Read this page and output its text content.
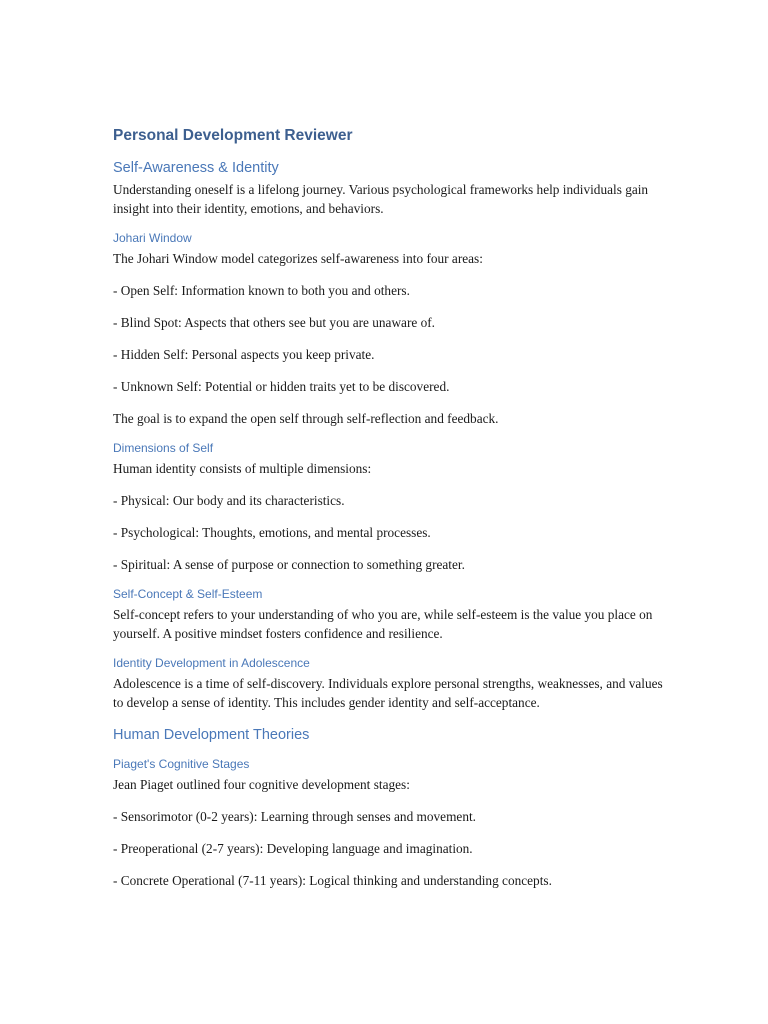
Personal Development Reviewer
Self-Awareness & Identity

Understanding oneself is a lifelong journey. Various psychological frameworks help individuals gain insight into their identity, emotions, and behaviors.

Johari Window

The Johari Window model categorizes self-awareness into four areas:

- Open Self: Information known to both you and others.

- Blind Spot: Aspects that others see but you are unaware of.

- Hidden Self: Personal aspects you keep private.

- Unknown Self: Potential or hidden traits yet to be discovered.

The goal is to expand the open self through self-reflection and feedback.

Dimensions of Self

Human identity consists of multiple dimensions:

- Physical: Our body and its characteristics.

- Psychological: Thoughts, emotions, and mental processes.

- Spiritual: A sense of purpose or connection to something greater.

Self-Concept & Self-Esteem

Self-concept refers to your understanding of who you are, while self-esteem is the value you place on yourself. A positive mindset fosters confidence and resilience.

Identity Development in Adolescence

Adolescence is a time of self-discovery. Individuals explore personal strengths, weaknesses, and values to develop a sense of identity. This includes gender identity and self-acceptance.

Human Development Theories
Piaget's Cognitive Stages

Jean Piaget outlined four cognitive development stages:

- Sensorimotor (0-2 years): Learning through senses and movement.

- Preoperational (2-7 years): Developing language and imagination.

- Concrete Operational (7-11 years): Logical thinking and understanding concepts.
